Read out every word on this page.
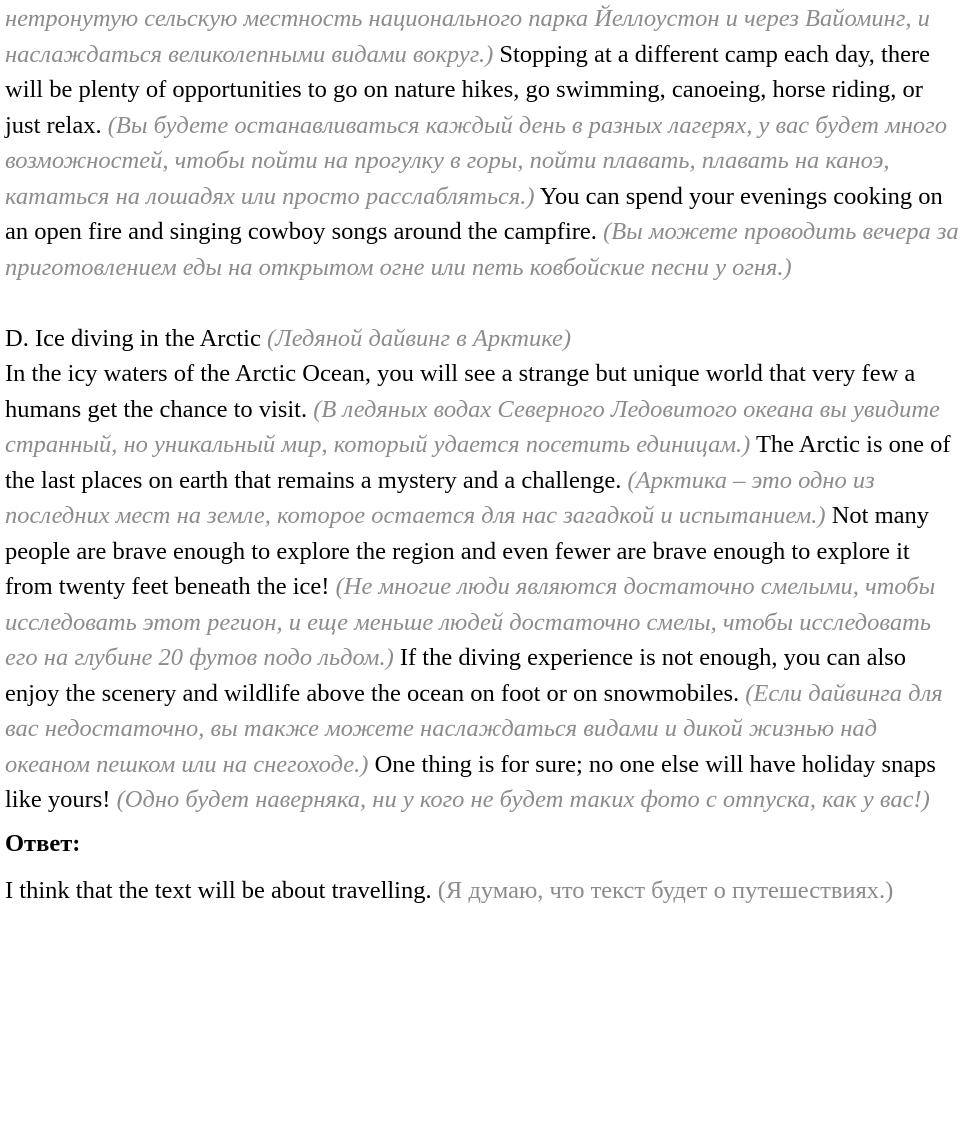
нетронутую сельскую местность национального парка Йеллоустон и через Вайоминг, и наслаждаться великолепными видами вокруг.) Stopping at a different camp each day, there will be plenty of opportunities to go on nature hikes, go swimming, canoeing, horse riding, or just relax. (Вы будете останавливаться каждый день в разных лагерях, у вас будет много возможностей, чтобы пойти на прогулку в горы, пойти плавать, плавать на каноэ, кататься на лошадях или просто расслабляться.) You can spend your evenings cooking on an open fire and singing cowboy songs around the campfire. (Вы можете проводить вечера за приготовлением еды на открытом огне или петь ковбойские песни у огня.)

D. Ice diving in the Arctic (Ледяной дайвинг в Арктике)

In the icy waters of the Arctic Ocean, you will see a strange but unique world that very few a humans get the chance to visit. (В ледяных водах Северного Ледовитого океана вы увидите странный, но уникальный мир, который удается посетить единицам.) The Arctic is one of the last places on earth that remains a mystery and a challenge. (Арктика – это одно из последних мест на земле, которое остается для нас загадкой и испытанием.) Not many people are brave enough to explore the region and even fewer are brave enough to explore it from twenty feet beneath the ice! (Не многие люди являются достаточно смелыми, чтобы исследовать этот регион, и еще меньше людей достаточно смелы, чтобы исследовать его на глубине 20 футов подо льдом.) If the diving experience is not enough, you can also enjoy the scenery and wildlife above the ocean on foot or on snowmobiles. (Если дайвинга для вас недостаточно, вы также можете наслаждаться видами и дикой жизнью над океаном пешком или на снегоходе.) One thing is for sure; no one else will have holiday snaps like yours! (Одно будет наверняка, ни у кого не будет таких фото с отпуска, как у вас!)

Ответ:

I think that the text will be about travelling. (Я думаю, что текст будет о путешествиях.)
